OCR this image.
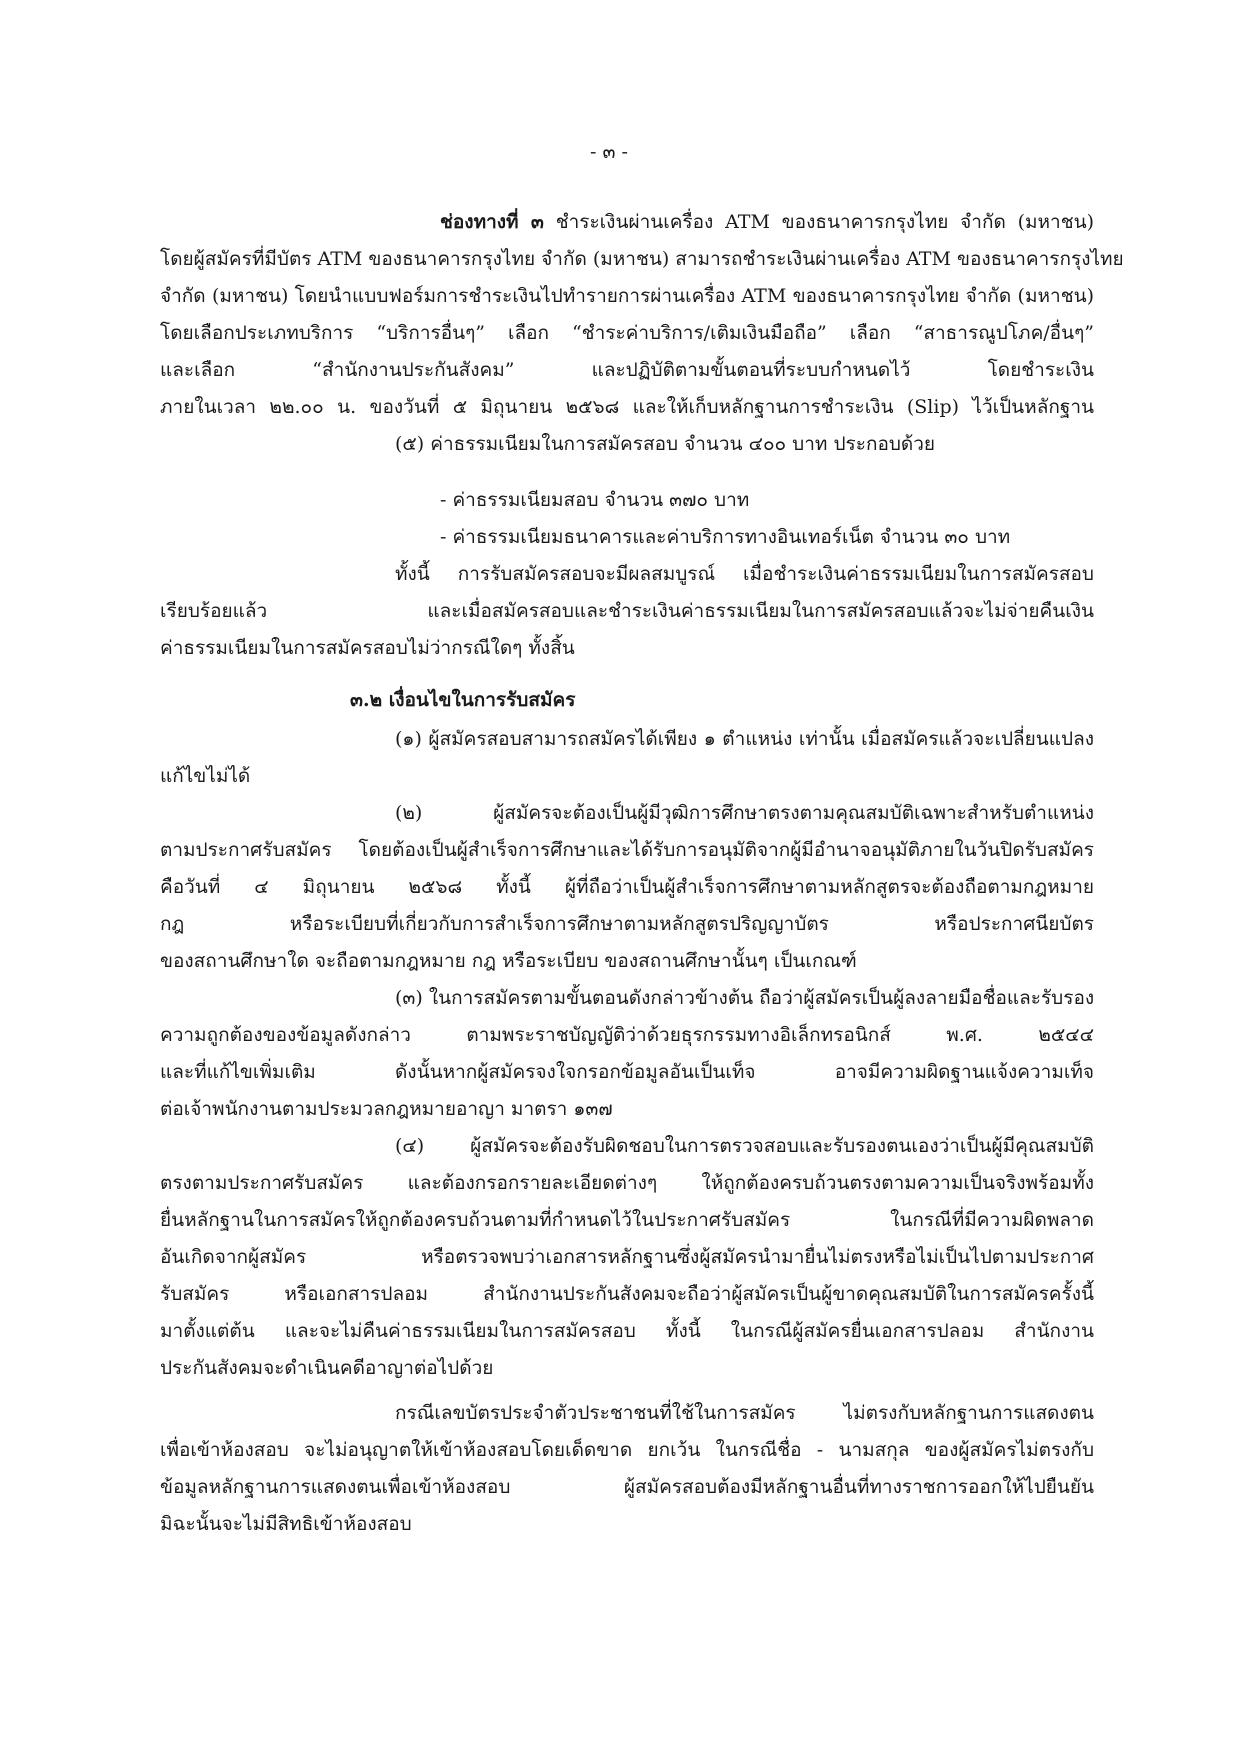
- ๓ -
ช่องทางที่ ๓ ชำระเงินผ่านเครื่อง ATM ของธนาคารกรุงไทย จำกัด (มหาชน)
โดยผู้สมัครที่มีบัตร ATM ของธนาคารกรุงไทย จำกัด (มหาชน) สามารถชำระเงินผ่านเครื่อง ATM ของธนาคารกรุงไทย
จำกัด (มหาชน) โดยนำแบบฟอร์มการชำระเงินไปทำรายการผ่านเครื่อง ATM ของธนาคารกรุงไทย จำกัด (มหาชน)
โดยเลือกประเภทบริการ “บริการอื่นๆ” เลือก “ชำระค่าบริการ/เติมเงินมือถือ” เลือก “สาธารณูปโภค/อื่นๆ”
และเลือก “สำนักงานประกันสังคม” และปฏิบัติตามขั้นตอนที่ระบบกำหนดไว้ โดยชำระเงิน
ภายในเวลา ๒๒.๐๐ น. ของวันที่ ๕ มิถุนายน ๒๕๖๘ และให้เก็บหลักฐานการชำระเงิน (Slip) ไว้เป็นหลักฐาน
(๕) ค่าธรรมเนียมในการสมัครสอบ จำนวน ๔๐๐ บาท ประกอบด้วย
- ค่าธรรมเนียมสอบ จำนวน ๓๗๐ บาท
- ค่าธรรมเนียมธนาคารและค่าบริการทางอินเทอร์เน็ต จำนวน ๓๐ บาท
ทั้งนี้ การรับสมัครสอบจะมีผลสมบูรณ์ เมื่อชำระเงินค่าธรรมเนียมในการสมัครสอบ
เรียบร้อยแล้ว และเมื่อสมัครสอบและชำระเงินค่าธรรมเนียมในการสมัครสอบแล้วจะไม่จ่ายคืนเงิน
ค่าธรรมเนียมในการสมัครสอบไม่ว่ากรณีใดๆ ทั้งสิ้น
๓.๒ เงื่อนไขในการรับสมัคร
(๑) ผู้สมัครสอบสามารถสมัครได้เพียง ๑ ตำแหน่ง เท่านั้น เมื่อสมัครแล้วจะเปลี่ยนแปลง
แก้ไขไม่ได้
(๒) ผู้สมัครจะต้องเป็นผู้มีวุฒิการศึกษาตรงตามคุณสมบัติเฉพาะสำหรับตำแหน่ง
ตามประกาศรับสมัคร โดยต้องเป็นผู้สำเร็จการศึกษาและได้รับการอนุมัติจากผู้มีอำนาจอนุมัติภายในวันปิดรับสมัคร
คือวันที่ ๔ มิถุนายน ๒๕๖๘ ทั้งนี้ ผู้ที่ถือว่าเป็นผู้สำเร็จการศึกษาตามหลักสูตรจะต้องถือตามกฎหมาย
กฎ หรือระเบียบที่เกี่ยวกับการสำเร็จการศึกษาตามหลักสูตรปริญญาบัตร หรือประกาศนียบัตร
ของสถานศึกษาใด จะถือตามกฎหมาย กฎ หรือระเบียบ ของสถานศึกษานั้นๆ เป็นเกณฑ์
(๓) ในการสมัครตามขั้นตอนดังกล่าวข้างต้น ถือว่าผู้สมัครเป็นผู้ลงลายมือชื่อและรับรอง
ความถูกต้องของข้อมูลดังกล่าว ตามพระราชบัญญัติว่าด้วยธุรกรรมทางอิเล็กทรอนิกส์ พ.ศ. ๒๕๔๔
และที่แก้ไขเพิ่มเติม ดังนั้นหากผู้สมัครจงใจกรอกข้อมูลอันเป็นเท็จ อาจมีความผิดฐานแจ้งความเท็จ
ต่อเจ้าพนักงานตามประมวลกฎหมายอาญา มาตรา ๑๓๗
(๔) ผู้สมัครจะต้องรับผิดชอบในการตรวจสอบและรับรองตนเองว่าเป็นผู้มีคุณสมบัติ
ตรงตามประกาศรับสมัคร และต้องกรอกรายละเอียดต่างๆ ให้ถูกต้องครบถ้วนตรงตามความเป็นจริงพร้อมทั้ง
ยื่นหลักฐานในการสมัครให้ถูกต้องครบถ้วนตามที่กำหนดไว้ในประกาศรับสมัคร ในกรณีที่มีความผิดพลาด
อันเกิดจากผู้สมัคร หรือตรวจพบว่าเอกสารหลักฐานซึ่งผู้สมัครนำมายื่นไม่ตรงหรือไม่เป็นไปตามประกาศ
รับสมัคร หรือเอกสารปลอม สำนักงานประกันสังคมจะถือว่าผู้สมัครเป็นผู้ขาดคุณสมบัติในการสมัครครั้งนี้
มาตั้งแต่ต้น และจะไม่คืนค่าธรรมเนียมในการสมัครสอบ ทั้งนี้ ในกรณีผู้สมัครยื่นเอกสารปลอม สำนักงาน
ประกันสังคมจะดำเนินคดีอาญาต่อไปด้วย
กรณีเลขบัตรประจำตัวประชาชนที่ใช้ในการสมัคร ไม่ตรงกับหลักฐานการแสดงตน
เพื่อเข้าห้องสอบ จะไม่อนุญาตให้เข้าห้องสอบโดยเด็ดขาด ยกเว้น ในกรณีชื่อ - นามสกุล ของผู้สมัครไม่ตรงกับ
ข้อมูลหลักฐานการแสดงตนเพื่อเข้าห้องสอบ ผู้สมัครสอบต้องมีหลักฐานอื่นที่ทางราชการออกให้ไปยืนยัน
มิฉะนั้นจะไม่มีสิทธิเข้าห้องสอบ
